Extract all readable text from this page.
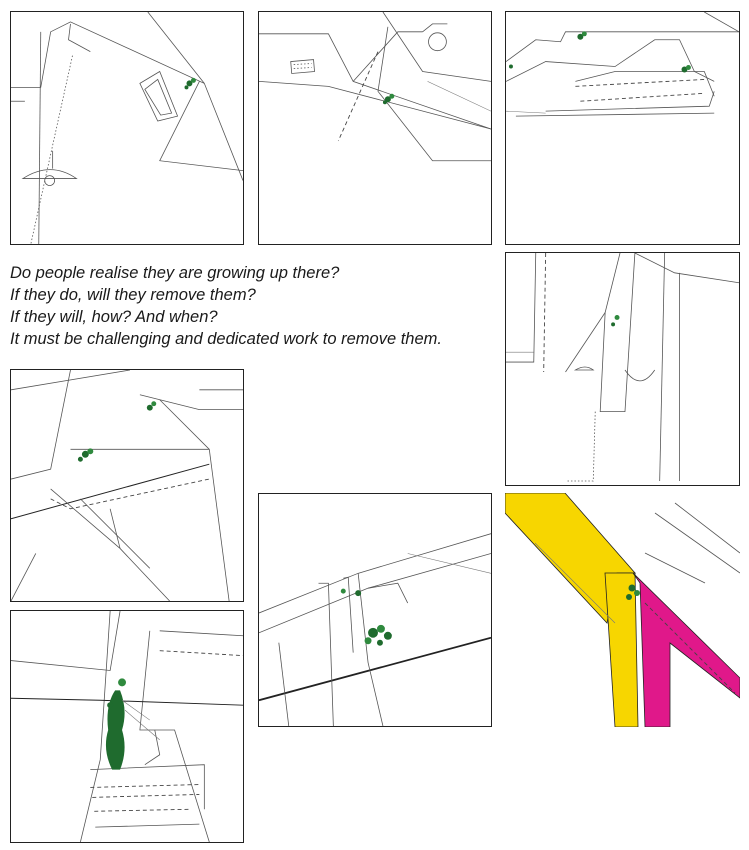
Do people realise they are growing up there?
If they do, will they remove them?
If they will, how? And when?
It must be challenging and dedicated work to remove them.
